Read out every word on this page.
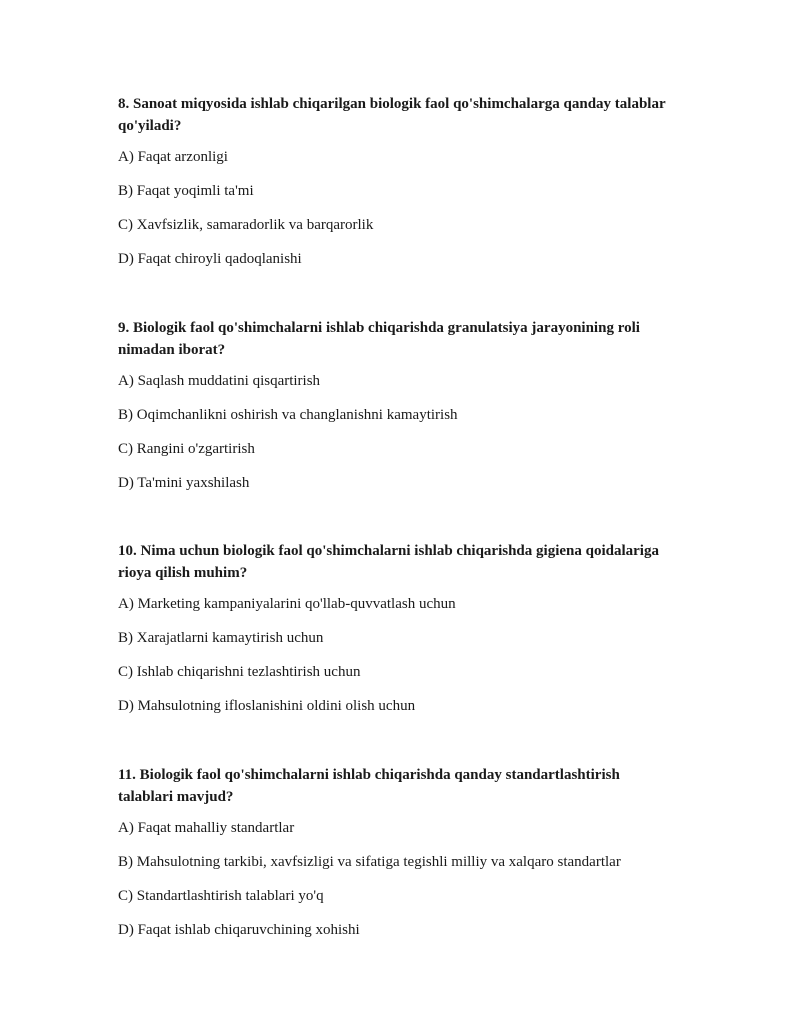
8. Sanoat miqyosida ishlab chiqarilgan biologik faol qo'shimchalarga qanday talablar qo'yiladi?

A) Faqat arzonligi

B) Faqat yoqimli ta'mi

C) Xavfsizlik, samaradorlik va barqarorlik

D) Faqat chiroyli qadoqlanishi

9. Biologik faol qo'shimchalarni ishlab chiqarishda granulatsiya jarayonining roli nimadan iborat?

A) Saqlash muddatini qisqartirish

B) Oqimchanlikni oshirish va changlanishni kamaytirish

C) Rangini o'zgartirish

D) Ta'mini yaxshilash

10. Nima uchun biologik faol qo'shimchalarni ishlab chiqarishda gigiena qoidalariga rioya qilish muhim?

A) Marketing kampaniyalarini qo'llab-quvvatlash uchun

B) Xarajatlarni kamaytirish uchun

C) Ishlab chiqarishni tezlashtirish uchun

D) Mahsulotning ifloslanishini oldini olish uchun

11. Biologik faol qo'shimchalarni ishlab chiqarishda qanday standartlashtirish talablari mavjud?

A) Faqat mahalliy standartlar

B) Mahsulotning tarkibi, xavfsizligi va sifatiga tegishli milliy va xalqaro standartlar

C) Standartlashtirish talablari yo'q

D) Faqat ishlab chiqaruvchining xohishi
